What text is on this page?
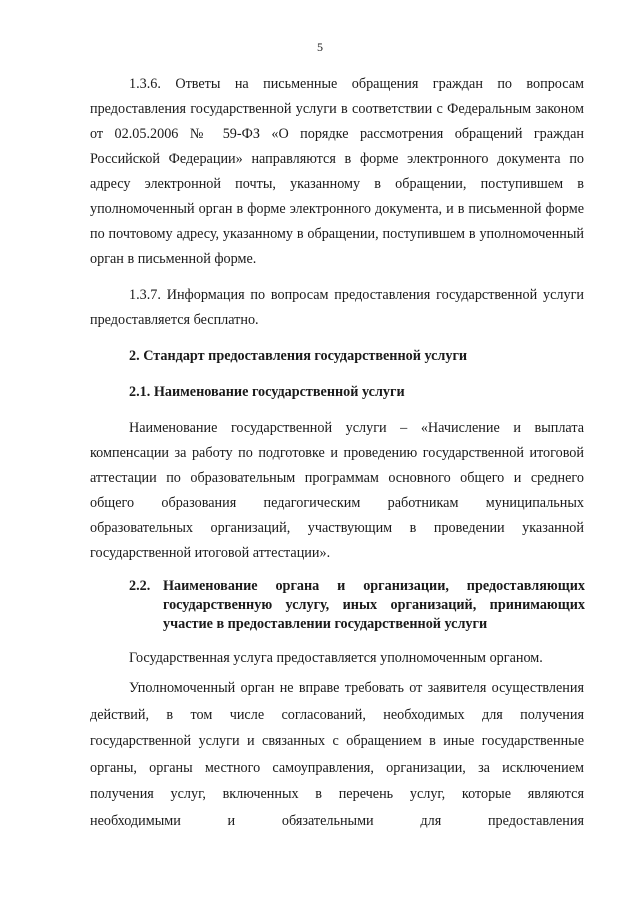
5

1.3.6. Ответы на письменные обращения граждан по вопросам предоставления государственной услуги в соответствии с Федеральным законом от 02.05.2006 № 59-ФЗ «О порядке рассмотрения обращений граждан Российской Федерации» направляются в форме электронного документа по адресу электронной почты, указанному в обращении, поступившем в уполномоченный орган в форме электронного документа, и в письменной форме по почтовому адресу, указанному в обращении, поступившем в уполномоченный орган в письменной форме.

1.3.7. Информация по вопросам предоставления государственной услуги предоставляется бесплатно.

2. Стандарт предоставления государственной услуги
2.1. Наименование государственной услуги

Наименование государственной услуги – «Начисление и выплата компенсации за работу по подготовке и проведению государственной итоговой аттестации по образовательным программам основного общего и среднего общего образования педагогическим работникам муниципальных образовательных организаций, участвующим в проведении указанной государственной итоговой аттестации».

2.2. Наименование органа и организации, предоставляющих государственную услугу, иных организаций, принимающих участие в предоставлении государственной услуги

Государственная услуга предоставляется уполномоченным органом.

Уполномоченный орган не вправе требовать от заявителя осуществления действий, в том числе согласований, необходимых для получения государственной услуги и связанных с обращением в иные государственные органы, органы местного самоуправления, организации, за исключением получения услуг, включенных в перечень услуг, которые являются необходимыми и обязательными для предоставления
